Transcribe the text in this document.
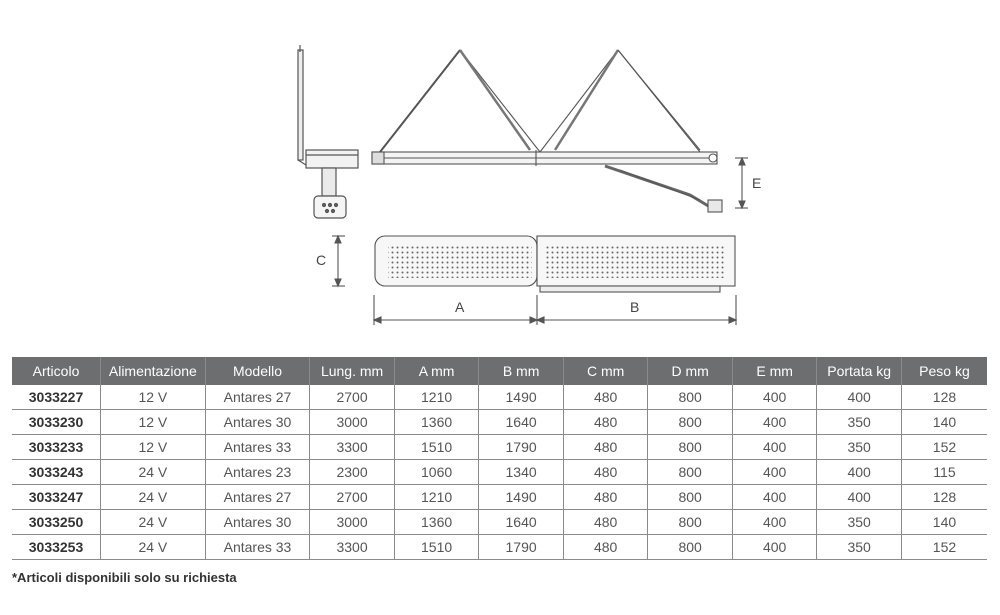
E
C
A	B
Articolo	Alimentazione	Modello	Lung. mm	A mm	B mm	C mm	D mm	E mm	Portata kg	Peso kg
3033227	12 V	Antares 27	2700	1210	1490	480	800	400	400	128
3033230	12 V	Antares 30	3000	1360	1640	480	800	400	350	140
3033233	12 V	Antares 33	3300	1510	1790	480	800	400	350	152
3033243	24 V	Antares 23	2300	1060	1340	480	800	400	400	115
3033247	24 V	Antares 27	2700	1210	1490	480	800	400	400	128
3033250	24 V	Antares 30	3000	1360	1640	480	800	400	350	140
3033253	24 V	Antares 33	3300	1510	1790	480	800	400	350	152
*Articoli disponibili solo su richiesta
